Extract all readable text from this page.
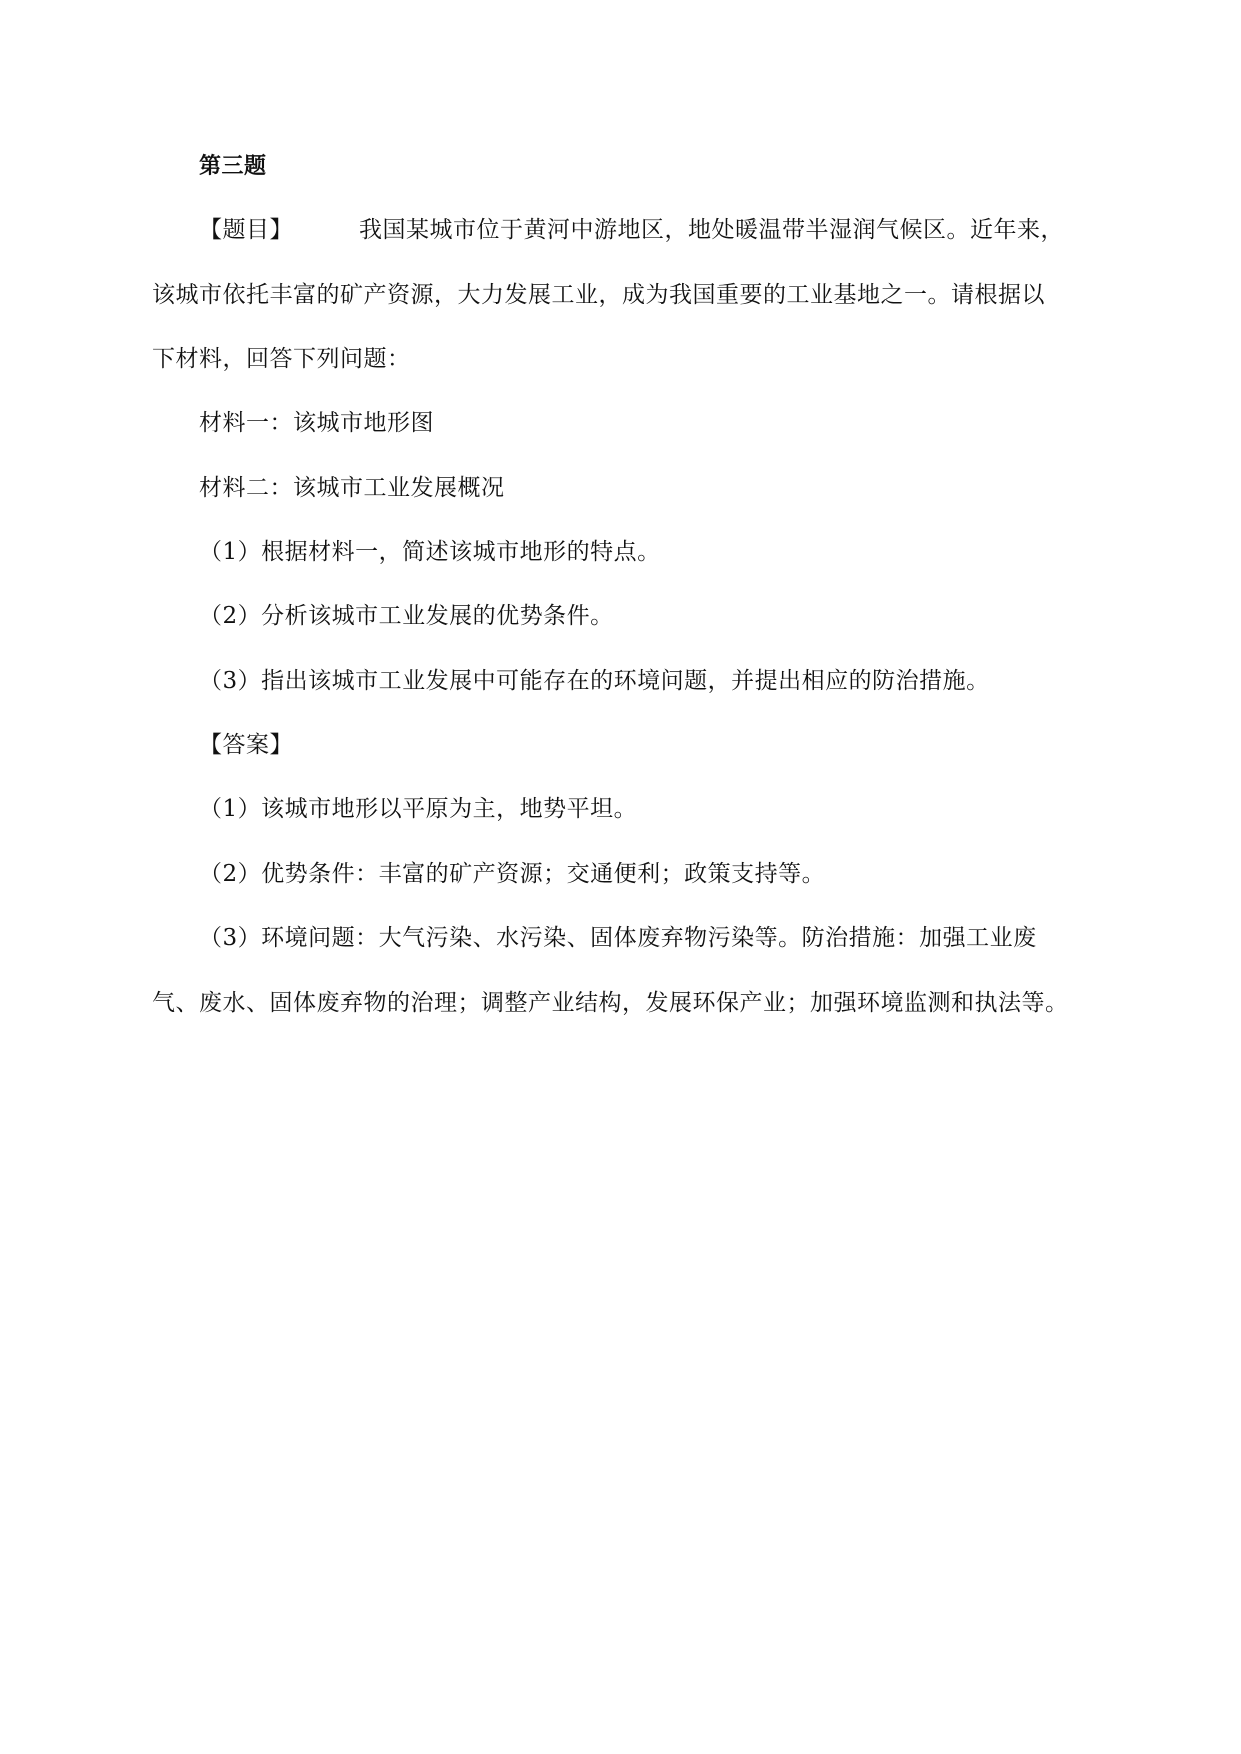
第三题
【题目】	我国某城市位于黄河中游地区，地处暖温带半湿润气候区。近年来，
该城市依托丰富的矿产资源，大力发展工业，成为我国重要的工业基地之一。请根据以
下材料，回答下列问题：
材料一：该城市地形图
材料二：该城市工业发展概况
（1）根据材料一，简述该城市地形的特点。
（2）分析该城市工业发展的优势条件。
（3）指出该城市工业发展中可能存在的环境问题，并提出相应的防治措施。
【答案】
（1）该城市地形以平原为主，地势平坦。
（2）优势条件：丰富的矿产资源；交通便利；政策支持等。
（3）环境问题：大气污染、水污染、固体废弃物污染等。防治措施：加强工业废
气、废水、固体废弃物的治理；调整产业结构，发展环保产业；加强环境监测和执法等。
